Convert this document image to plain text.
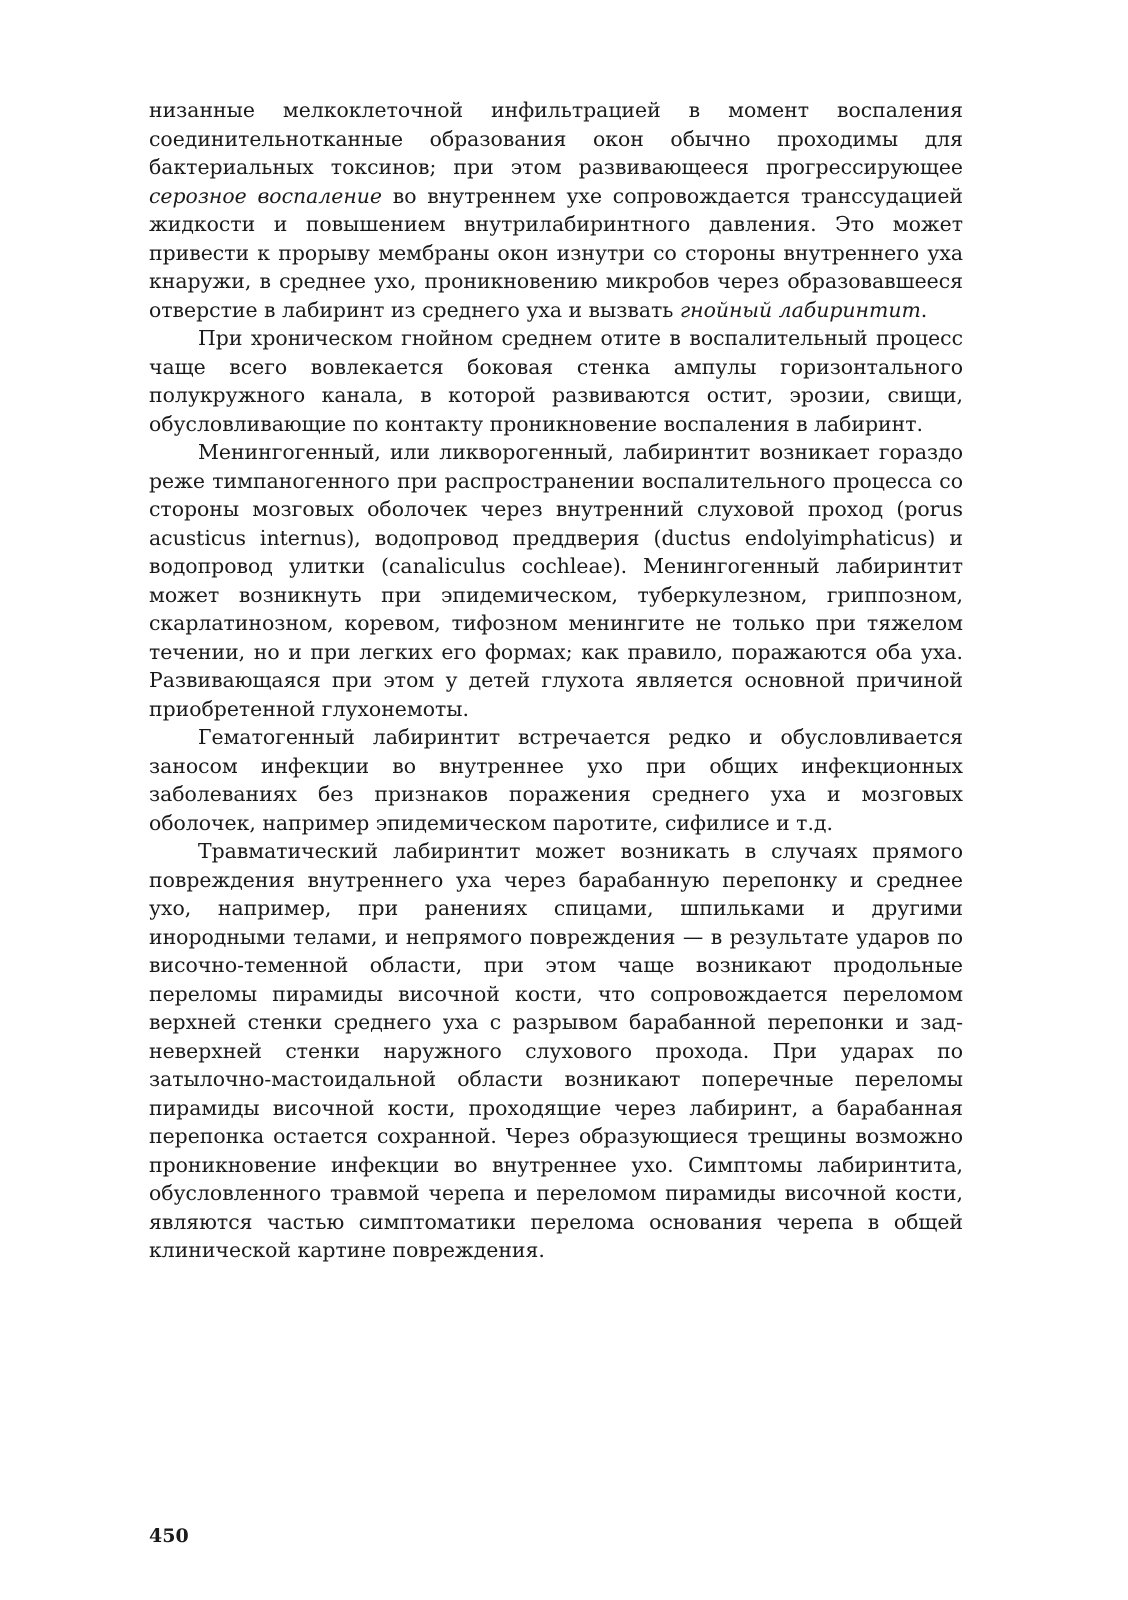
низанные мелкоклеточной инфильтрацией в момент воспаления соединительнотканные образования окон обычно проходимы для бактериальных токсинов; при этом развивающееся прогрессирующее серозное воспаление во внутреннем ухе сопровождается транссудацией жидкости и повышением внутрилабиринтного давления. Это может привести к прорыву мембраны окон изнутри со стороны внутреннего уха кнаружи, в среднее ухо, проникновению микробов через образовавшееся отверстие в лабиринт из среднего уха и вызвать гнойный лабиринтит.

При хроническом гнойном среднем отите в воспалительный процесс чаще всего вовлекается боковая стенка ампулы горизонтального полукружного канала, в которой развиваются остит, эрозии, свищи, обусловливающие по контакту проникновение воспаления в лабиринт.

Менингогенный, или ликворогенный, лабиринтит возникает гораздо реже тимпаногенного при распространении воспалительного процесса со стороны мозговых оболочек через внутренний слуховой проход (porus acusticus internus), водопровод преддверия (ductus endolyimphaticus) и водопровод улитки (canaliculus cochleae). Менингогенный лабиринтит может возникнуть при эпидемическом, туберкулезном, гриппозном, скарлатинозном, коревом, тифозном менингите не только при тяжелом течении, но и при легких его формах; как правило, поражаются оба уха. Развивающаяся при этом у детей глухота является основной причиной приобретенной глухонемоты.

Гематогенный лабиринтит встречается редко и обусловливается заносом инфекции во внутреннее ухо при общих инфекционных заболеваниях без признаков поражения среднего уха и мозговых оболочек, например эпидемическом паротите, сифилисе и т.д.

Травматический лабиринтит может возникать в случаях прямого повреждения внутреннего уха через барабанную перепонку и среднее ухо, например, при ранениях спицами, шпильками и другими инородными телами, и непрямого повреждения — в результате ударов по височно-теменной области, при этом чаще возникают продольные переломы пирамиды височной кости, что сопровождается переломом верхней стенки среднего уха с разрывом барабанной перепонки и задневерхней стенки наружного слухового прохода. При ударах по затылочно-мастоидальной области возникают поперечные переломы пирамиды височной кости, проходящие через лабиринт, а барабанная перепонка остается сохранной. Через образующиеся трещины возможно проникновение инфекции во внутреннее ухо. Симптомы лабиринтита, обусловленного травмой черепа и переломом пирамиды височной кости, являются частью симптоматики перелома основания черепа в общей клинической картине повреждения.

450
